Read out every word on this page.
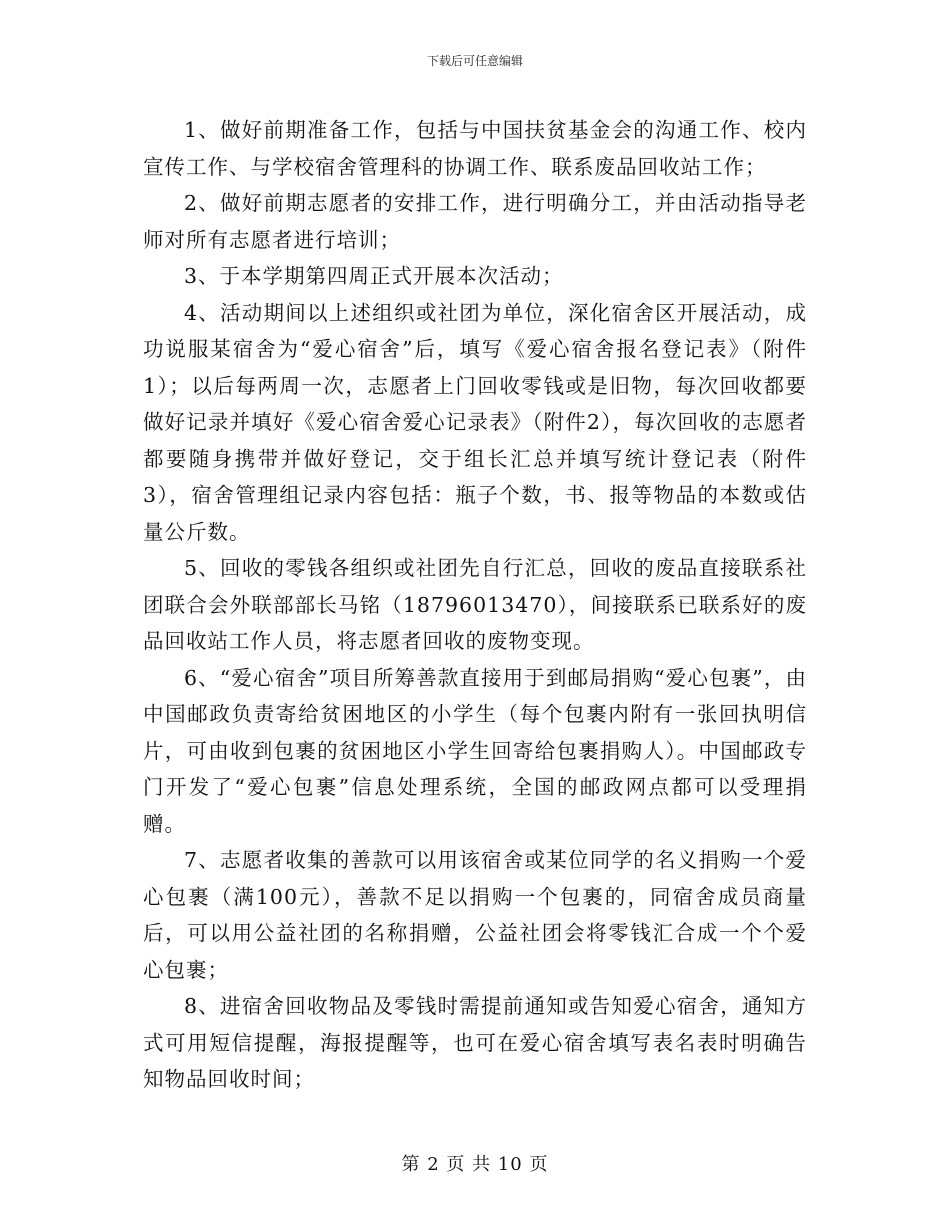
下载后可任意编辑

1、做好前期准备工作，包括与中国扶贫基金会的沟通工作、校内宣传工作、与学校宿舍管理科的协调工作、联系废品回收站工作；

2、做好前期志愿者的安排工作，进行明确分工，并由活动指导老师对所有志愿者进行培训；

3、于本学期第四周正式开展本次活动；

4、活动期间以上述组织或社团为单位，深化宿舍区开展活动，成功说服某宿舍为“爱心宿舍”后，填写《爱心宿舍报名登记表》（附件1）；以后每两周一次，志愿者上门回收零钱或是旧物，每次回收都要做好记录并填好《爱心宿舍爱心记录表》（附件2），每次回收的志愿者都要随身携带并做好登记，交于组长汇总并填写统计登记表（附件3），宿舍管理组记录内容包括：瓶子个数，书、报等物品的本数或估量公斤数。

5、回收的零钱各组织或社团先自行汇总，回收的废品直接联系社团联合会外联部部长马铭（18796013470），间接联系已联系好的废品回收站工作人员，将志愿者回收的废物变现。

6、“爱心宿舍”项目所筹善款直接用于到邮局捐购“爱心包裹”，由中国邮政负责寄给贫困地区的小学生（每个包裹内附有一张回执明信片，可由收到包裹的贫困地区小学生回寄给包裹捐购人）。中国邮政专门开发了“爱心包裹”信息处理系统，全国的邮政网点都可以受理捐赠。

7、志愿者收集的善款可以用该宿舍或某位同学的名义捐购一个爱心包裹（满100元），善款不足以捐购一个包裹的，同宿舍成员商量后，可以用公益社团的名称捐赠，公益社团会将零钱汇合成一个个爱心包裹；

8、进宿舍回收物品及零钱时需提前通知或告知爱心宿舍，通知方式可用短信提醒，海报提醒等，也可在爱心宿舍填写表名表时明确告知物品回收时间；

第 2 页 共 10 页
